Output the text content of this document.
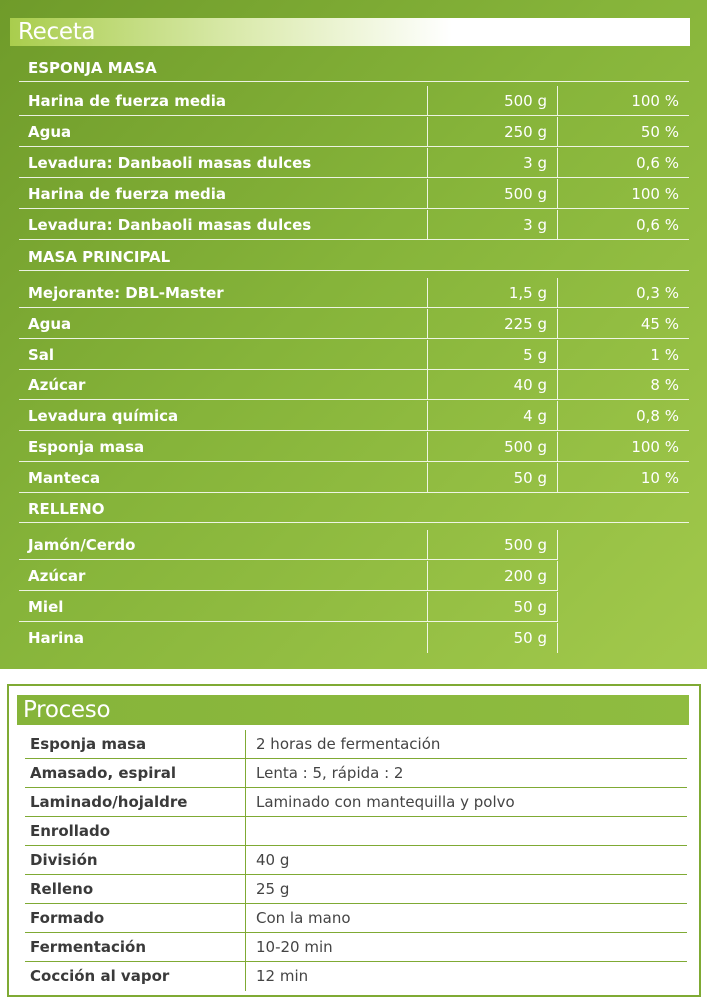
Receta
ESPONJA MASA
Harina de fuerza media	500 g	100 %
Agua	250 g	50 %
Levadura: Danbaoli masas dulces	3 g	0,6 %
Harina de fuerza media	500 g	100 %
Levadura: Danbaoli masas dulces	3 g	0,6 %
MASA PRINCIPAL
Mejorante: DBL-Master	1,5 g	0,3 %
Agua	225 g	45 %
Sal	5 g	1 %
Azúcar	40 g	8 %
Levadura química	4 g	0,8 %
Esponja masa	500 g	100 %
Manteca	50 g	10 %
RELLENO
Jamón/Cerdo	500 g
Azúcar	200 g
Miel	50 g
Harina	50 g
Proceso
Esponja masa	2 horas de fermentación
Amasado, espiral	Lenta : 5, rápida : 2
Laminado/hojaldre	Laminado con mantequilla y polvo
Enrollado
División	40 g
Relleno	25 g
Formado	Con la mano
Fermentación	10-20 min
Cocción al vapor	12 min
